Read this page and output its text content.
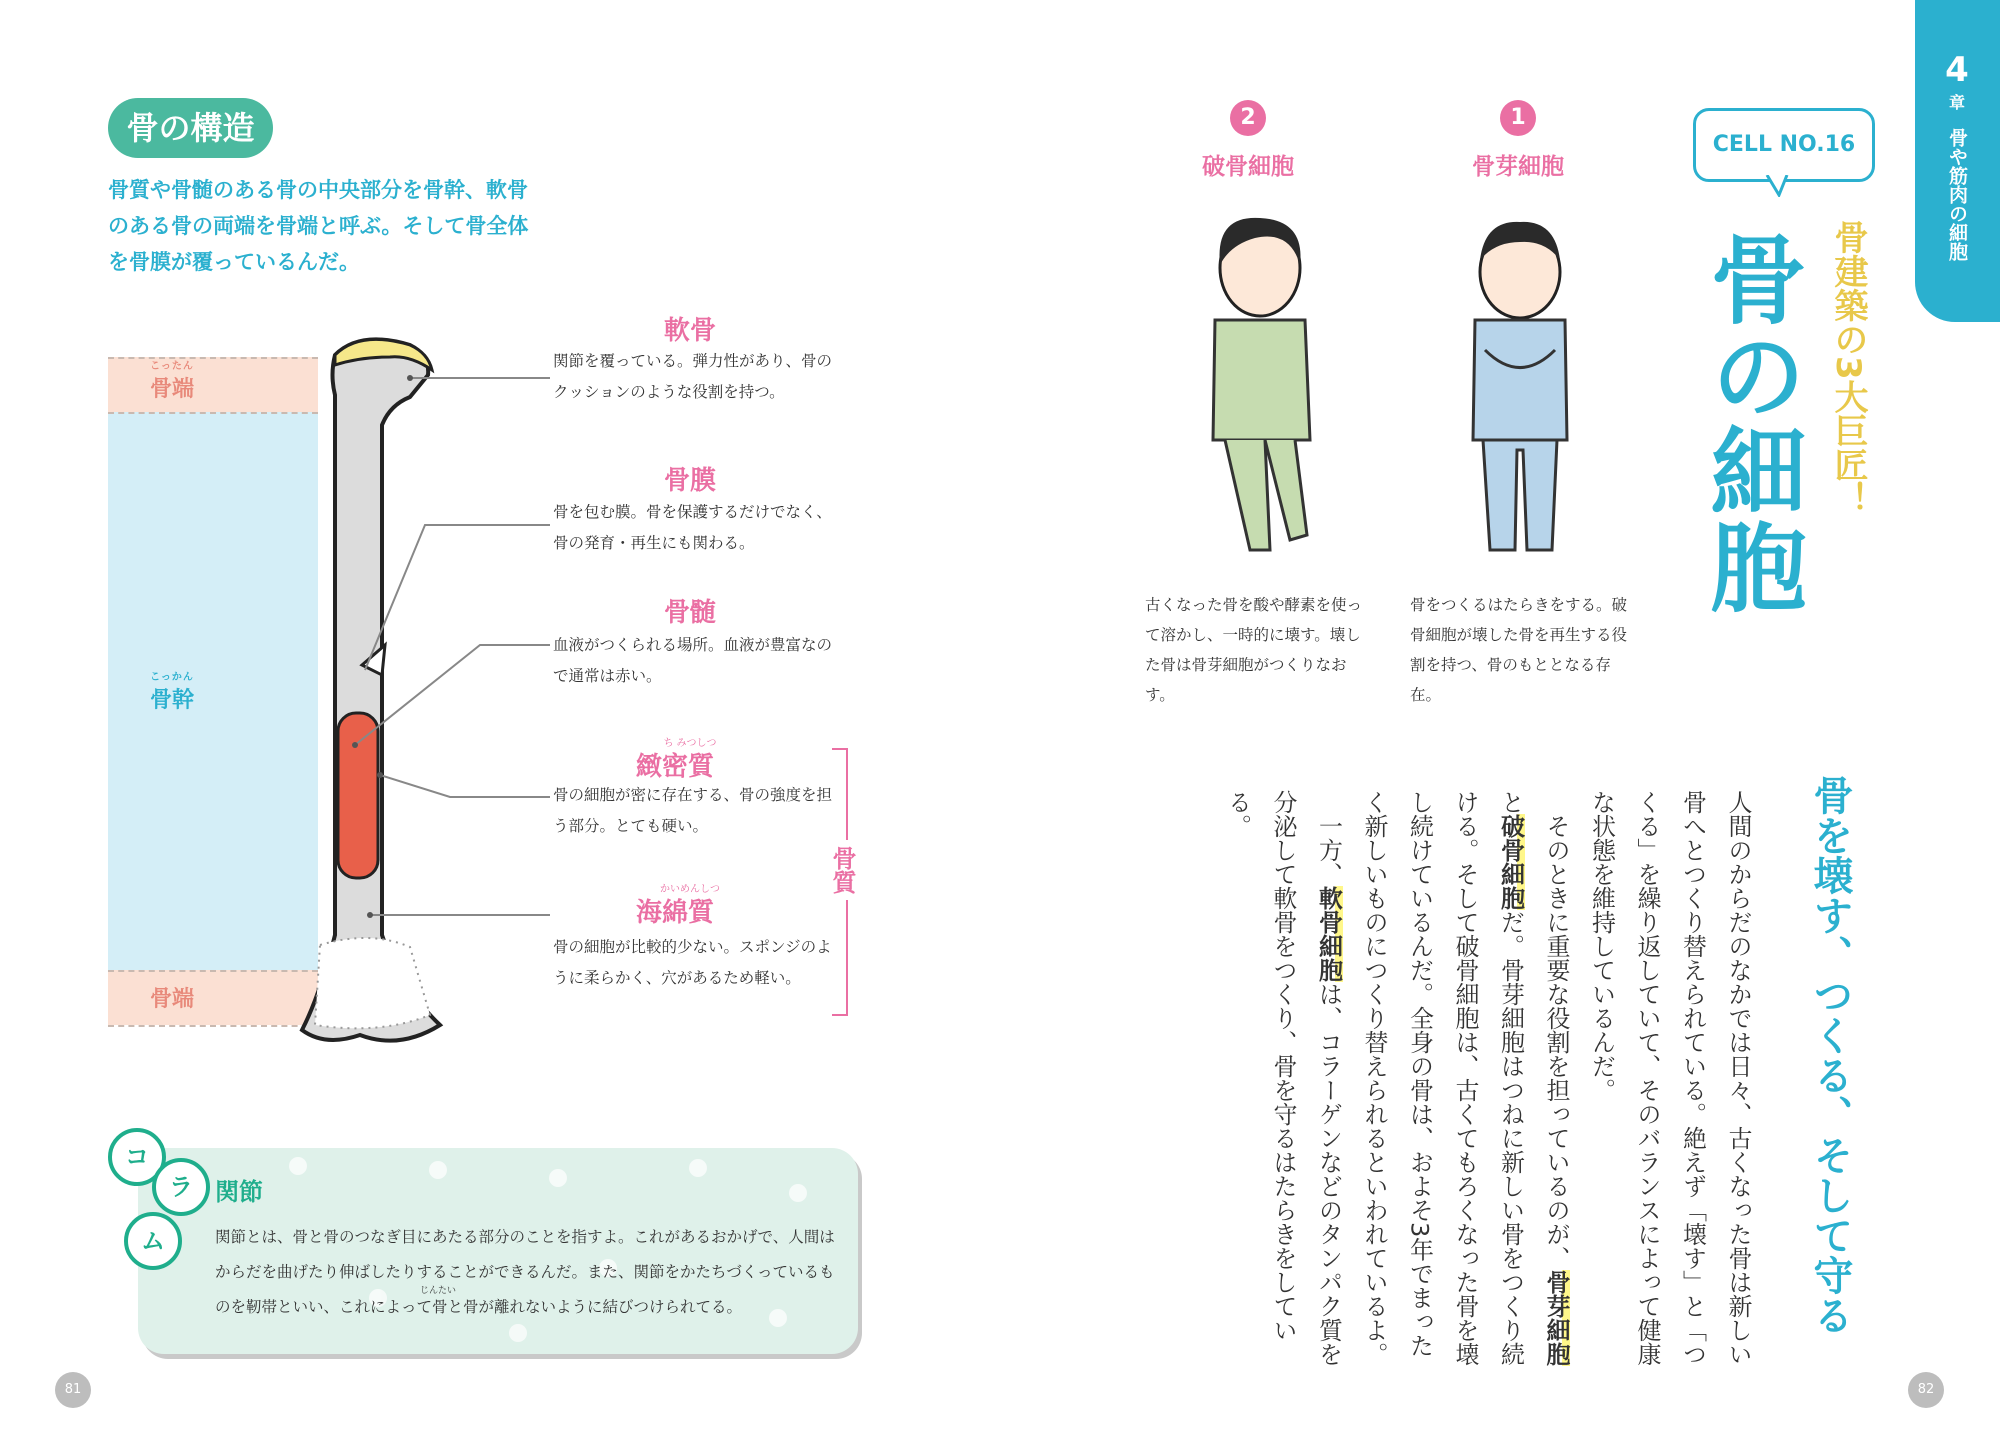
骨の構造

骨質や骨髄のある骨の中央部分を骨幹、軟骨のある骨の両端を骨端と呼ぶ。そして骨全体を骨膜が覆っているんだ。

こったん
骨端
こっかん
骨幹
骨端
軟骨

関節を覆っている。弾力性があり、骨のクッションのような役割を持つ。

骨膜

骨を包む膜。骨を保護するだけでなく、骨の発育・再生にも関わる。

骨髄

血液がつくられる場所。血液が豊富なので通常は赤い。

ち みつしつ
緻密質

骨の細胞が密に存在する、骨の強度を担う部分。とても硬い。

かいめんしつ
海綿質

骨の細胞が比較的少ない。スポンジのように柔らかく、穴があるため軽い。

骨質
コ
ラ
ム
関節
じんたい

関節とは、骨と骨のつなぎ目にあたる部分のことを指すよ。これがあるおかげで、人間はからだを曲げたり伸ばしたりすることができるんだ。また、関節をかたちづくっているものを靭帯といい、これによって骨と骨が離れないように結びつけられてる。

81
4
章
骨や筋肉の細胞
CELL NO.16
骨の細胞 骨建築の3大巨匠！
2
破骨細胞
1
骨芽細胞

古くなった骨を酸や酵素を使って溶かし、一時的に壊す。壊した骨は骨芽細胞がつくりなおす。

骨をつくるはたらきをする。破骨細胞が壊した骨を再生する役割を持つ、骨のもととなる存在。

骨を壊す、つくる、そして守る
人間のからだのなかでは日々、古くなった骨は新しい骨へとつくり替えられている。絶えず「壊す」と「つくる」を繰り返していて、そのバランスによって健康な状態を維持しているんだ。
　そのときに重要な役割を担っているのが、骨芽細胞と破骨細胞だ。骨芽細胞はつねに新しい骨をつくり続ける。そして破骨細胞は、古くてもろくなった骨を壊し続けているんだ。全身の骨は、およそ3年でまったく新しいものにつくり替えられるといわれているよ。
　一方、軟骨細胞は、コラーゲンなどのタンパク質を分泌して軟骨をつくり、骨を守るはたらきをしている。
82
